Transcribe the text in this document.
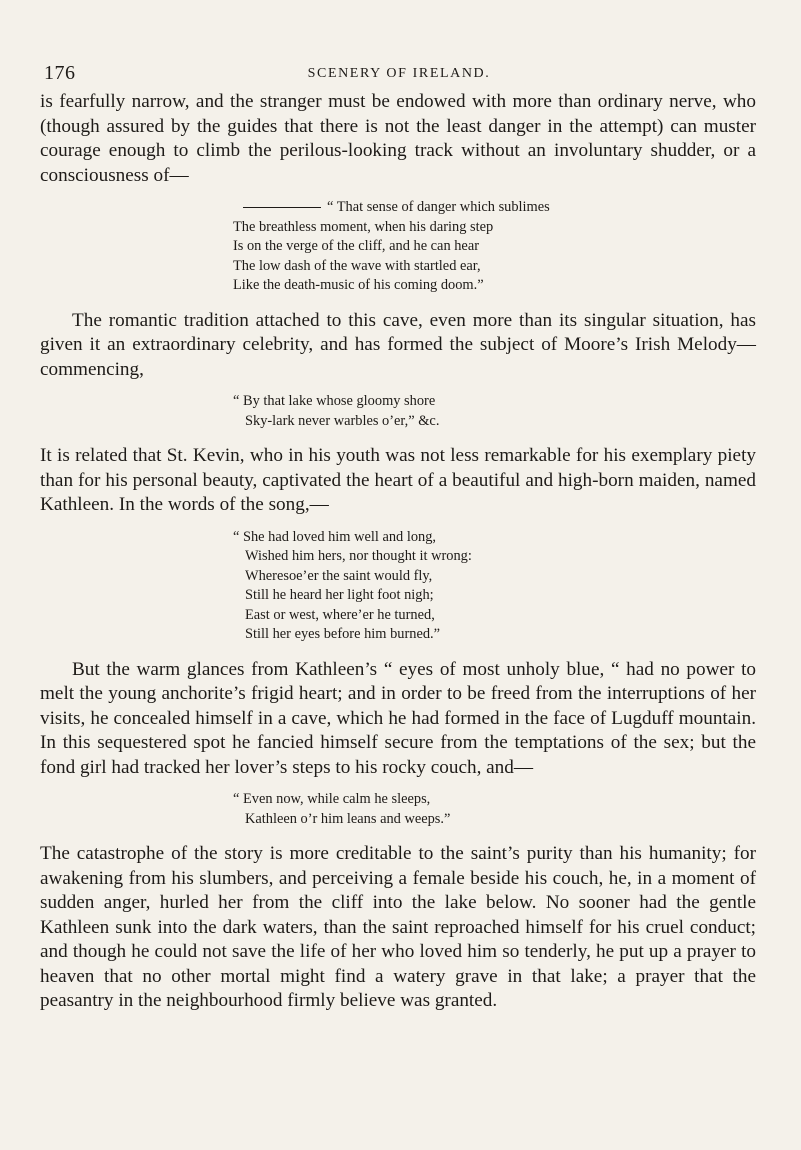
176	SCENERY OF IRELAND.

is fearfully narrow, and the stranger must be endowed with more than ordinary nerve, who (though assured by the guides that there is not the least danger in the attempt) can muster courage enough to climb the perilous-looking track without an involuntary shudder, or a consciousness of—

“ That sense of danger which sublimes
The breathless moment, when his daring step
Is on the verge of the cliff, and he can hear
The low dash of the wave with startled ear,
Like the death-music of his coming doom.”

The romantic tradition attached to this cave, even more than its singular situation, has given it an extraordinary celebrity, and has formed the subject of Moore’s Irish Melody—commencing,

“ By that lake whose gloomy shore
Sky-lark never warbles o’er,” &c.

It is related that St. Kevin, who in his youth was not less remarkable for his exemplary piety than for his personal beauty, captivated the heart of a beautiful and high-born maiden, named Kathleen. In the words of the song,—

“ She had loved him well and long,
Wished him hers, nor thought it wrong:
Wheresoe’er the saint would fly,
Still he heard her light foot nigh;
East or west, where’er he turned,
Still her eyes before him burned.”

But the warm glances from Kathleen’s “ eyes of most unholy blue, “ had no power to melt the young anchorite’s frigid heart; and in order to be freed from the interruptions of her visits, he concealed himself in a cave, which he had formed in the face of Lugduff mountain. In this sequestered spot he fancied himself secure from the temptations of the sex; but the fond girl had tracked her lover’s steps to his rocky couch, and—

“ Even now, while calm he sleeps,
Kathleen o’r him leans and weeps.”

The catastrophe of the story is more creditable to the saint’s purity than his humanity; for awakening from his slumbers, and perceiving a female beside his couch, he, in a moment of sudden anger, hurled her from the cliff into the lake below. No sooner had the gentle Kathleen sunk into the dark waters, than the saint reproached himself for his cruel conduct; and though he could not save the life of her who loved him so tenderly, he put up a prayer to heaven that no other mortal might find a watery grave in that lake; a prayer that the peasantry in the neighbourhood firmly believe was granted.
